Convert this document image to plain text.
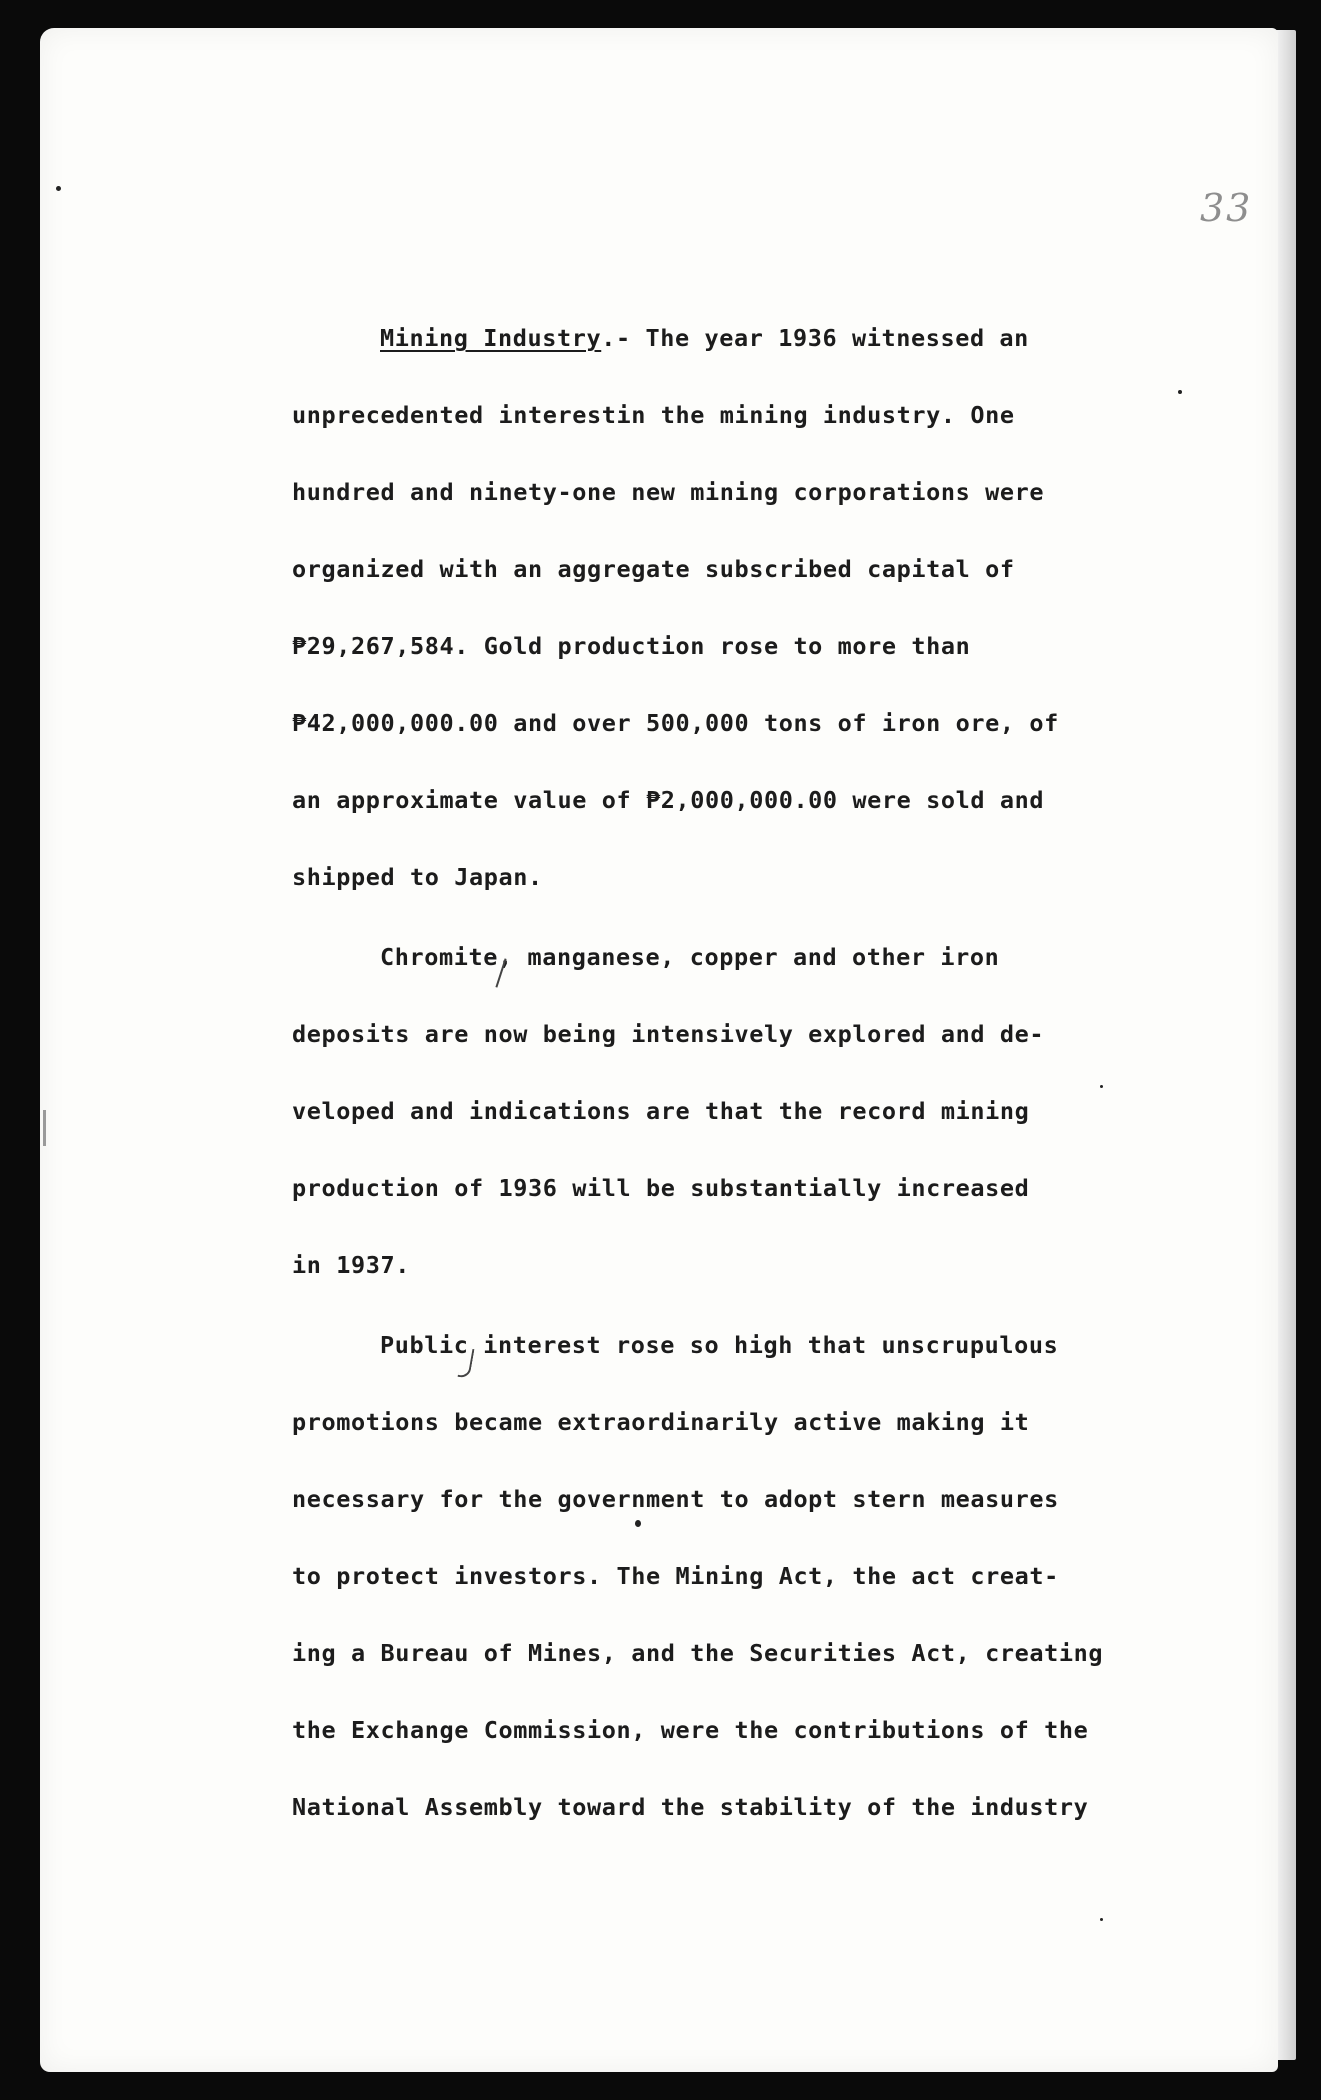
33
Mining Industry.- The year 1936 witnessed an
unprecedented interestin the mining industry. One
hundred and ninety-one new mining corporations were
organized with an aggregate subscribed capital of
₱29,267,584. Gold production rose to more than
₱42,000,000.00 and over 500,000 tons of iron ore, of
an approximate value of ₱2,000,000.00 were sold and
shipped to Japan.
Chromite, manganese, copper and other iron
deposits are now being intensively explored and de-
veloped and indications are that the record mining
production of 1936 will be substantially increased
in 1937.
Public interest rose so high that unscrupulous
promotions became extraordinarily active making it
necessary for the government to adopt stern measures
to protect investors. The Mining Act, the act creat-
ing a Bureau of Mines, and the Securities Act, creating
the Exchange Commission, were the contributions of the
National Assembly toward the stability of the industry
